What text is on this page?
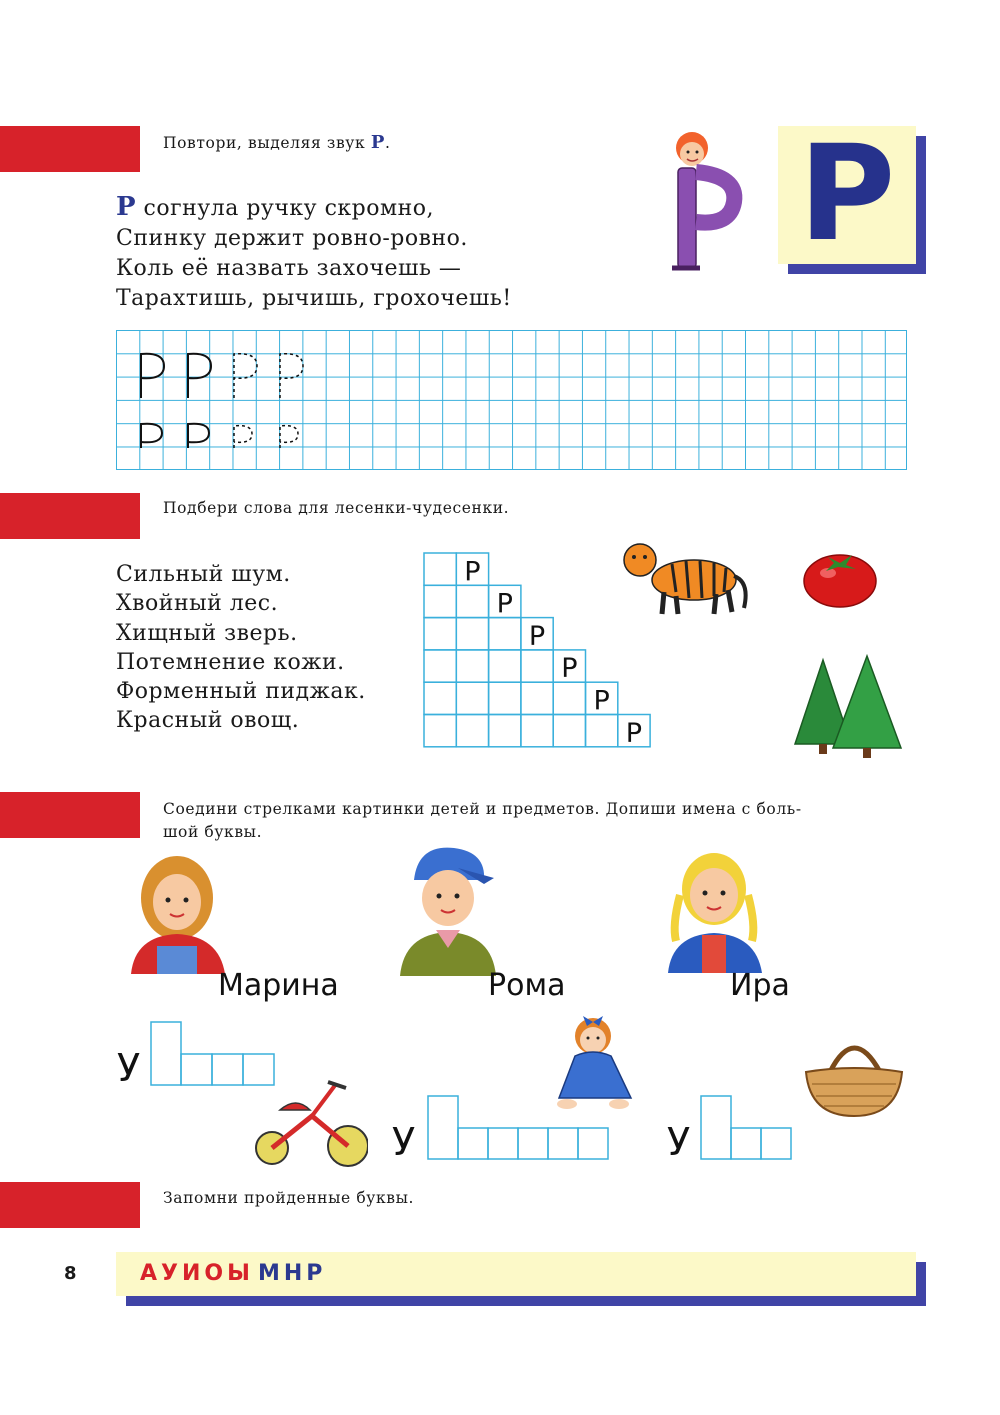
Повтори, выделяя звук Р.
Р согнула ручку скромно,
Спинку держит ровно-ровно.
Коль её назвать захочешь —
Тарахтишь, рычишь, грохочешь!
Р
Подбери слова для лесенки-чудесенки.
Сильный шум.
Хвойный лес.
Хищный зверь.
Потемнение кожи.
Форменный пиджак.
Красный овощ.
Р
Р
Р
Р
Р
Р
Соедини стрелками картинки детей и предметов. Допиши имена с боль-
шой буквы.
Марина	Рома	Ира
У
У	У
Запомни пройденные буквы.
8	АУИОЫ МНР
